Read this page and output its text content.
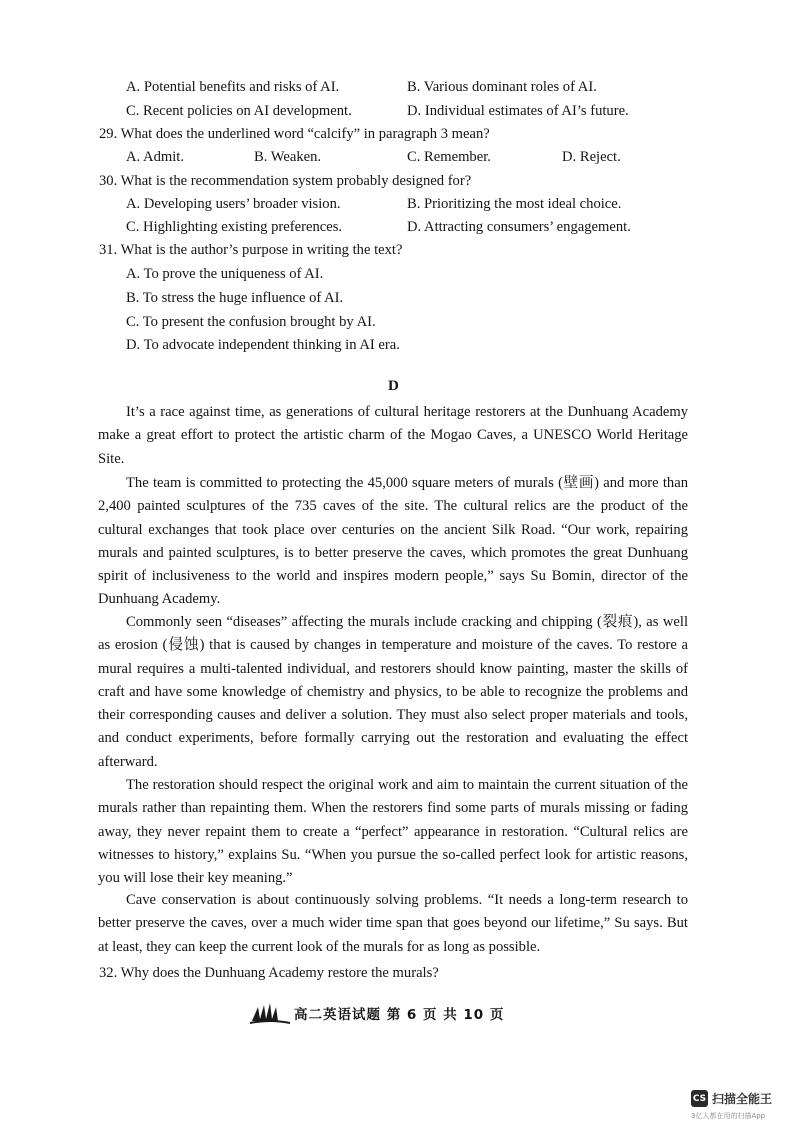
A. Potential benefits and risks of AI.	B. Various dominant roles of AI.
C. Recent policies on AI development.	D. Individual estimates of AI’s future.
29. What does the underlined word “calcify” in paragraph 3 mean?
A. Admit.	B. Weaken.	C. Remember.	D. Reject.
30. What is the recommendation system probably designed for?
A. Developing users’ broader vision.	B. Prioritizing the most ideal choice.
C. Highlighting existing preferences.	D. Attracting consumers’ engagement.
31. What is the author’s purpose in writing the text?
A. To prove the uniqueness of AI.
B. To stress the huge influence of AI.
C. To present the confusion brought by AI.
D. To advocate independent thinking in AI era.
D
It’s a race against time, as generations of cultural heritage restorers at the Dunhuang Academy make a great effort to protect the artistic charm of the Mogao Caves, a UNESCO World Heritage Site.
The team is committed to protecting the 45,000 square meters of murals (壁画) and more than 2,400 painted sculptures of the 735 caves of the site. The cultural relics are the product of the cultural exchanges that took place over centuries on the ancient Silk Road. “Our work, repairing murals and painted sculptures, is to better preserve the caves, which promotes the great Dunhuang spirit of inclusiveness to the world and inspires modern people,” says Su Bomin, director of the Dunhuang Academy.
Commonly seen “diseases” affecting the murals include cracking and chipping (裂痕), as well as erosion (侵蚀) that is caused by changes in temperature and moisture of the caves. To restore a mural requires a multi-talented individual, and restorers should know painting, master the skills of craft and have some knowledge of chemistry and physics, to be able to recognize the problems and their corresponding causes and deliver a solution. They must also select proper materials and tools, and conduct experiments, before formally carrying out the restoration and evaluating the effect afterward.
The restoration should respect the original work and aim to maintain the current situation of the murals rather than repainting them. When the restorers find some parts of murals missing or fading away, they never repaint them to create a “perfect” appearance in restoration. “Cultural relics are witnesses to history,” explains Su. “When you pursue the so-called perfect look for artistic reasons, you will lose their key meaning.”
Cave conservation is about continuously solving problems. “It needs a long-term research to better preserve the caves, over a much wider time span that goes beyond our lifetime,” Su says. But at least, they can keep the current look of the murals for as long as possible.
32. Why does the Dunhuang Academy restore the murals?
高二英语试题 第 6 页 共 10 页
CS 扫描全能王
3亿人都在用的扫描App
